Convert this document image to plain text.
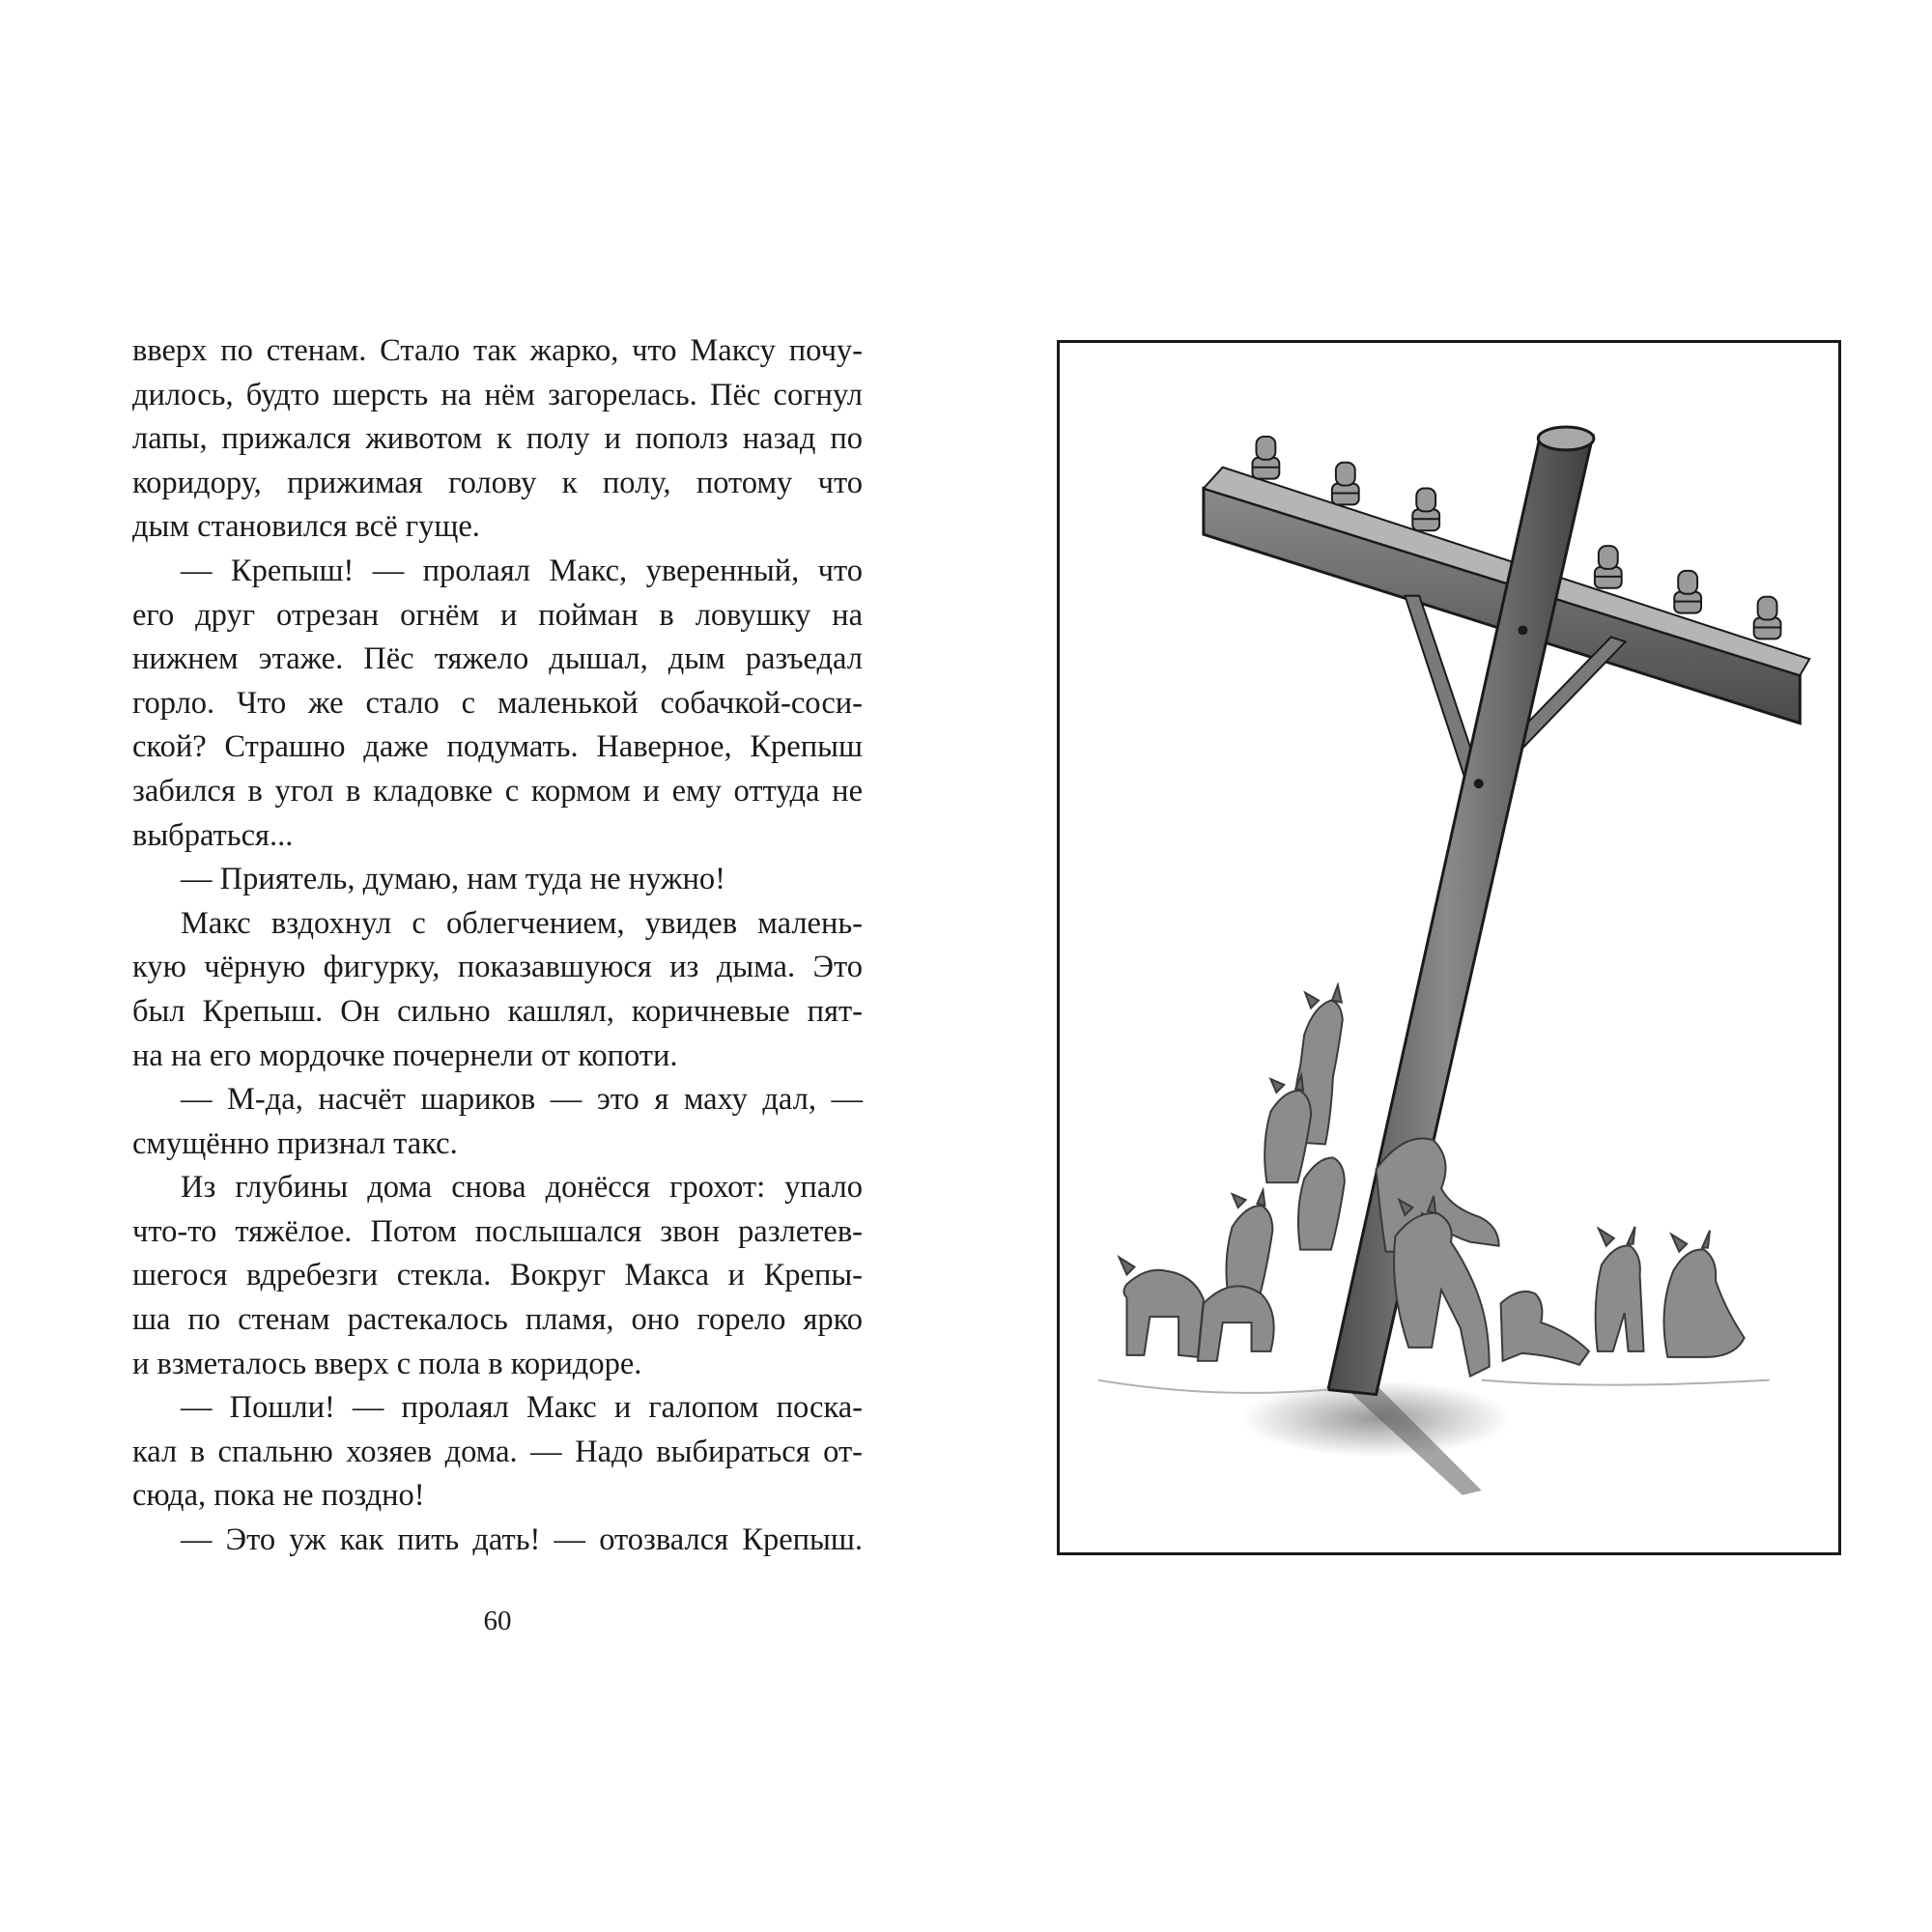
вверх по стенам. Стало так жарко, что Максу почу-
дилось, будто шерсть на нём загорелась. Пёс согнул
лапы, прижался животом к полу и пополз назад по
коридору, прижимая голову к полу, потому что
дым становился всё гуще.
— Крепыш! — пролаял Макс, уверенный, что
его друг отрезан огнём и пойман в ловушку на
нижнем этаже. Пёс тяжело дышал, дым разъедал
горло. Что же стало с маленькой собачкой-соси-
ской? Страшно даже подумать. Наверное, Крепыш
забился в угол в кладовке с кормом и ему оттуда не
выбраться...
— Приятель, думаю, нам туда не нужно!
Макс вздохнул с облегчением, увидев малень-
кую чёрную фигурку, показавшуюся из дыма. Это
был Крепыш. Он сильно кашлял, коричневые пят-
на на его мордочке почернели от копоти.
— М-да, насчёт шариков — это я маху дал, —
смущённо признал такс.
Из глубины дома снова донёсся грохот: упало
что-то тяжёлое. Потом послышался звон разлетев-
шегося вдребезги стекла. Вокруг Макса и Крепы-
ша по стенам растекалось пламя, оно горело ярко
и взметалось вверх с пола в коридоре.
— Пошли! — пролаял Макс и галопом поска-
кал в спальню хозяев дома. — Надо выбираться от-
сюда, пока не поздно!
— Это уж как пить дать! — отозвался Крепыш.
60
